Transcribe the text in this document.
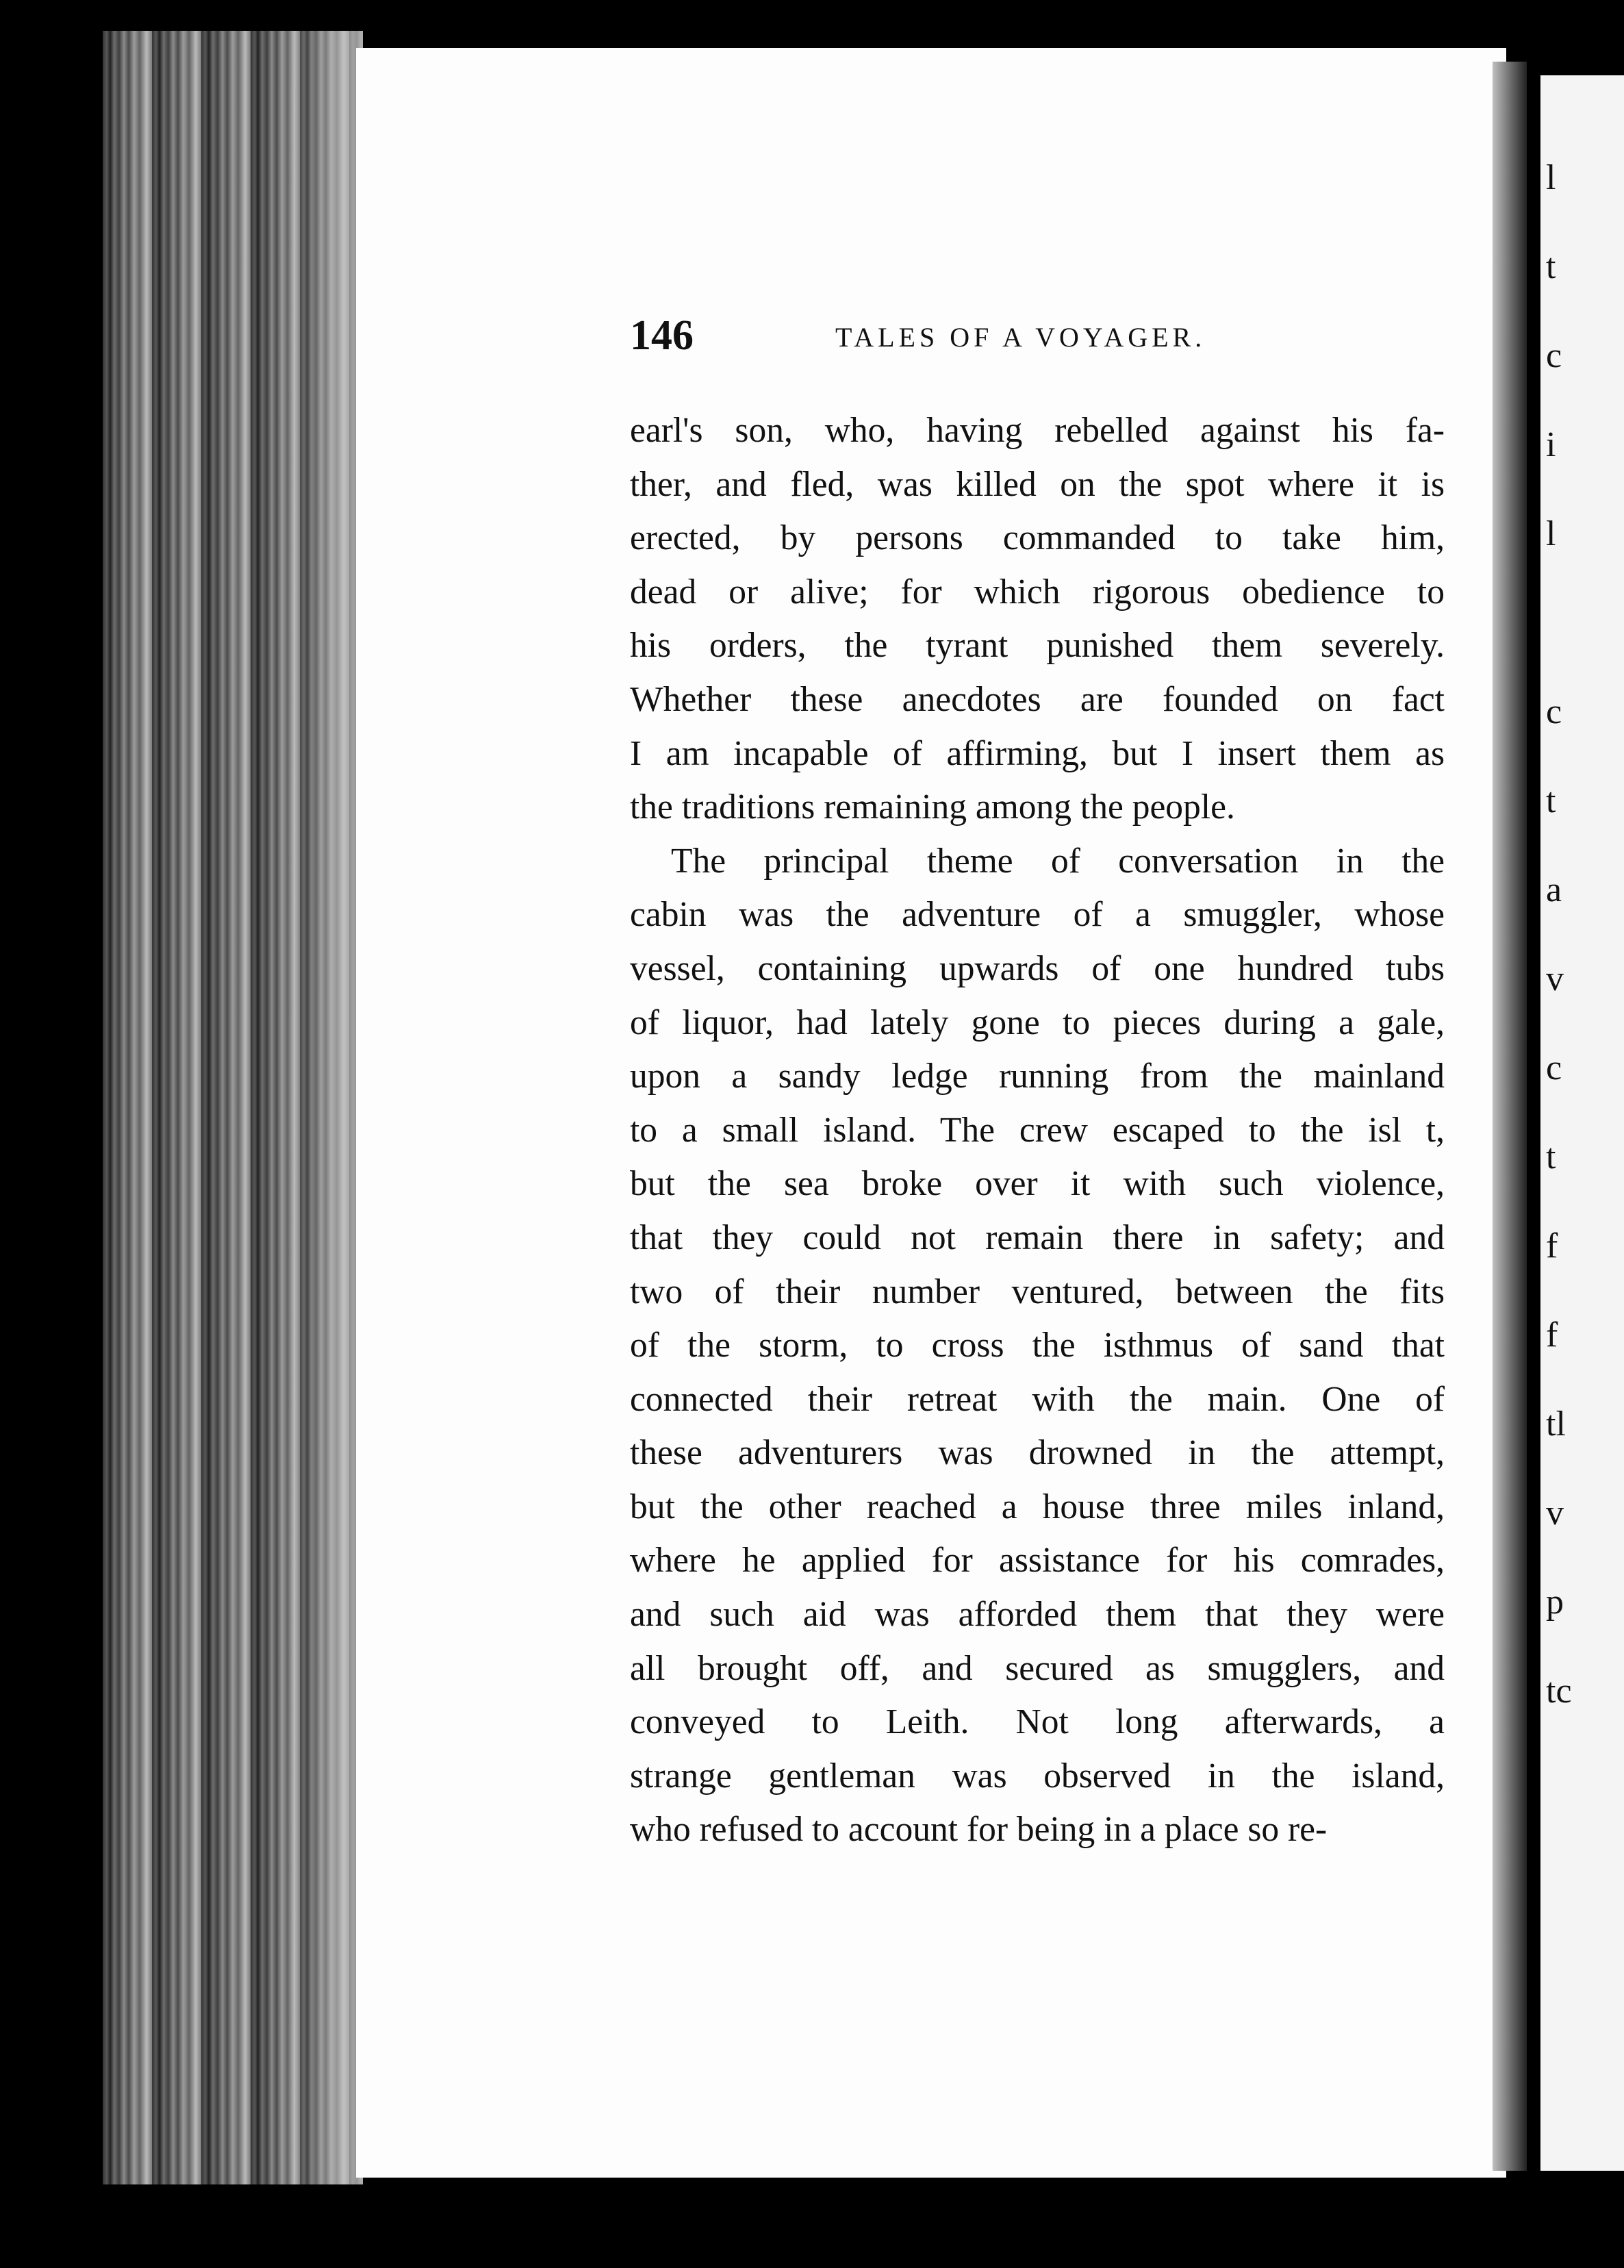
146	TALES OF A VOYAGER.
earl's son, who, having rebelled against his fa-
ther, and fled, was killed on the spot where it is
erected, by persons commanded to take him,
dead or alive; for which rigorous obedience to
his orders, the tyrant punished them severely.
Whether these anecdotes are founded on fact
I am incapable of affirming, but I insert them as
the traditions remaining among the people.
The principal theme of conversation in the
cabin was the adventure of a smuggler, whose
vessel, containing upwards of one hundred tubs
of liquor, had lately gone to pieces during a gale,
upon a sandy ledge running from the mainland
to a small island. The crew escaped to the isl t,
but the sea broke over it with such violence,
that they could not remain there in safety; and
two of their number ventured, between the fits
of the storm, to cross the isthmus of sand that
connected their retreat with the main. One of
these adventurers was drowned in the attempt,
but the other reached a house three miles inland,
where he applied for assistance for his comrades,
and such aid was afforded them that they were
all brought off, and secured as smugglers, and
conveyed to Leith. Not long afterwards, a
strange gentleman was observed in the island,
who refused to account for being in a place so re-
l
t
c
i
l
c
t
a
v
c
t
f
f
tl
v
p
tc
